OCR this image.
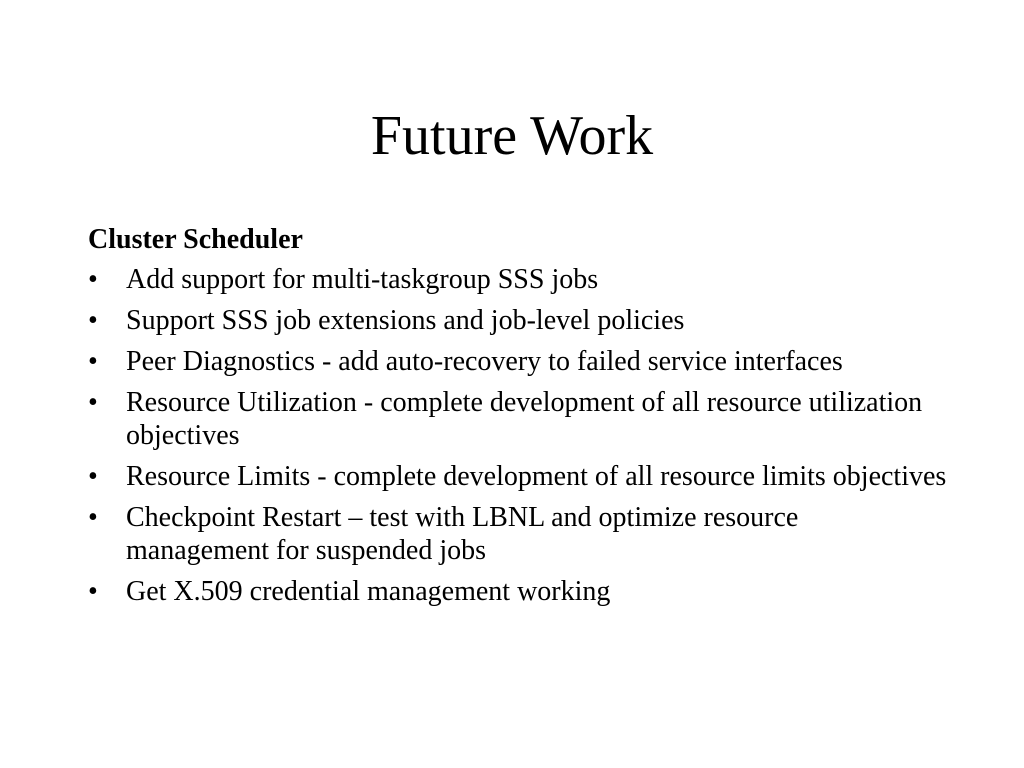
Future Work
Cluster Scheduler
• Add support for multi-taskgroup SSS jobs
• Support SSS job extensions and job-level policies
• Peer Diagnostics - add auto-recovery to failed service interfaces
• Resource Utilization - complete development of all resource utilization objectives
• Resource Limits - complete development of all resource limits objectives
• Checkpoint Restart – test with LBNL and optimize resource management for suspended jobs
• Get X.509 credential management working
